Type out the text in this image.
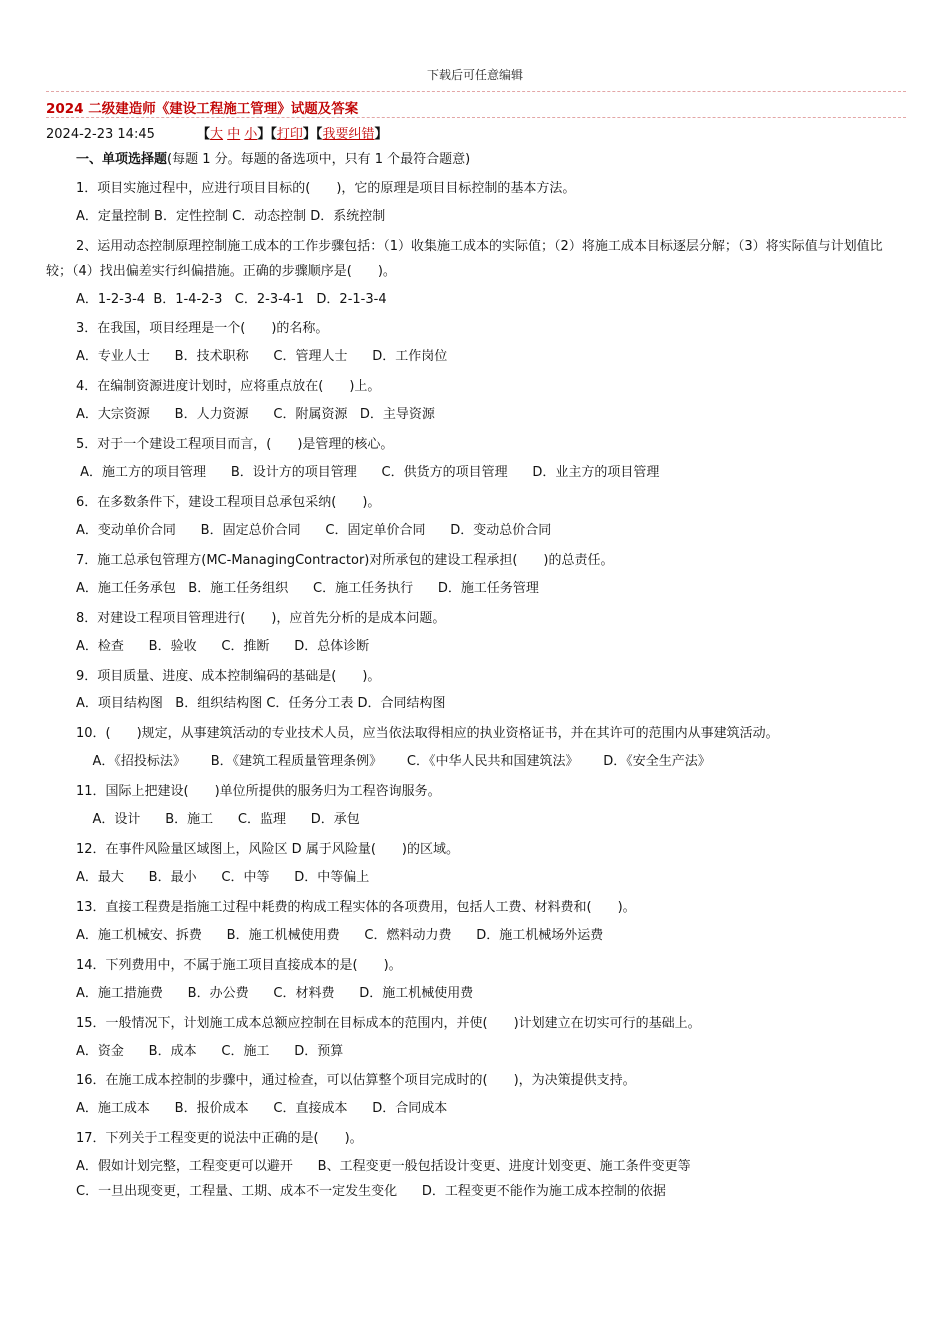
下载后可任意编辑
2024 二级建造师《建设工程施工管理》试题及答案
2024-2-23 14:45	【大 中 小】【打印】【我要纠错】
一、单项选择题(每题 1 分。每题的备选项中，只有 1 个最符合题意)
1．项目实施过程中，应进行项目目标的(　　)，它的原理是项目目标控制的基本方法。
A．定量控制 B．定性控制 C．动态控制 D．系统控制
2、运用动态控制原理控制施工成本的工作步骤包括：（1）收集施工成本的实际值；（2）将施工成本目标逐层分解；（3）将实际值与计划值比较；（4）找出偏差实行纠偏措施。正确的步骤顺序是(　　)。
A．1-2-3-4  B．1-4-2-3   C．2-3-4-1   D．2-1-3-4
3．在我国，项目经理是一个(　　)的名称。
A．专业人士      B．技术职称      C．管理人士      D．工作岗位
4．在编制资源进度计划时，应将重点放在(　　)上。
A．大宗资源      B．人力资源      C．附属资源   D．主导资源
5．对于一个建设工程项目而言，(　　)是管理的核心。
A．施工方的项目管理      B．设计方的项目管理      C．供货方的项目管理      D．业主方的项目管理
6．在多数条件下，建设工程项目总承包采纳(　　)。
A．变动单价合同      B．固定总价合同      C．固定单价合同      D．变动总价合同
7．施工总承包管理方(MC-ManagingContractor)对所承包的建设工程承担(　　)的总责任。
A．施工任务承包   B．施工任务组织      C．施工任务执行      D．施工任务管理
8．对建设工程项目管理进行(　　)，应首先分析的是成本问题。
A．检查      B．验收      C．推断      D．总体诊断
9．项目质量、进度、成本控制编码的基础是(　　)。
A．项目结构图   B．组织结构图 C．任务分工表 D．合同结构图
10．(　　)规定，从事建筑活动的专业技术人员，应当依法取得相应的执业资格证书，并在其许可的范围内从事建筑活动。
A．《招投标法》      B．《建筑工程质量管理条例》      C．《中华人民共和国建筑法》      D．《安全生产法》
11．国际上把建设(　　)单位所提供的服务归为工程咨询服务。
A．设计      B．施工      C．监理      D．承包
12．在事件风险量区域图上，风险区 D 属于风险量(　　)的区域。
A．最大      B．最小      C．中等      D．中等偏上
13．直接工程费是指施工过程中耗费的构成工程实体的各项费用，包括人工费、材料费和(　　)。
A．施工机械安、拆费      B．施工机械使用费      C．燃料动力费      D．施工机械场外运费
14．下列费用中，不属于施工项目直接成本的是(　　)。
A．施工措施费      B．办公费      C．材料费      D．施工机械使用费
15．一般情况下，计划施工成本总额应控制在目标成本的范围内，并使(　　)计划建立在切实可行的基础上。
A．资金      B．成本      C．施工      D．预算
16．在施工成本控制的步骤中，通过检查，可以估算整个项目完成时的(　　)，为决策提供支持。
A．施工成本      B．报价成本      C．直接成本      D．合同成本
17．下列关于工程变更的说法中正确的是(　　)。
A．假如计划完整，工程变更可以避开      B、工程变更一般包括设计变更、进度计划变更、施工条件变更等
C．一旦出现变更，工程量、工期、成本不一定发生变化      D．工程变更不能作为施工成本控制的依据
